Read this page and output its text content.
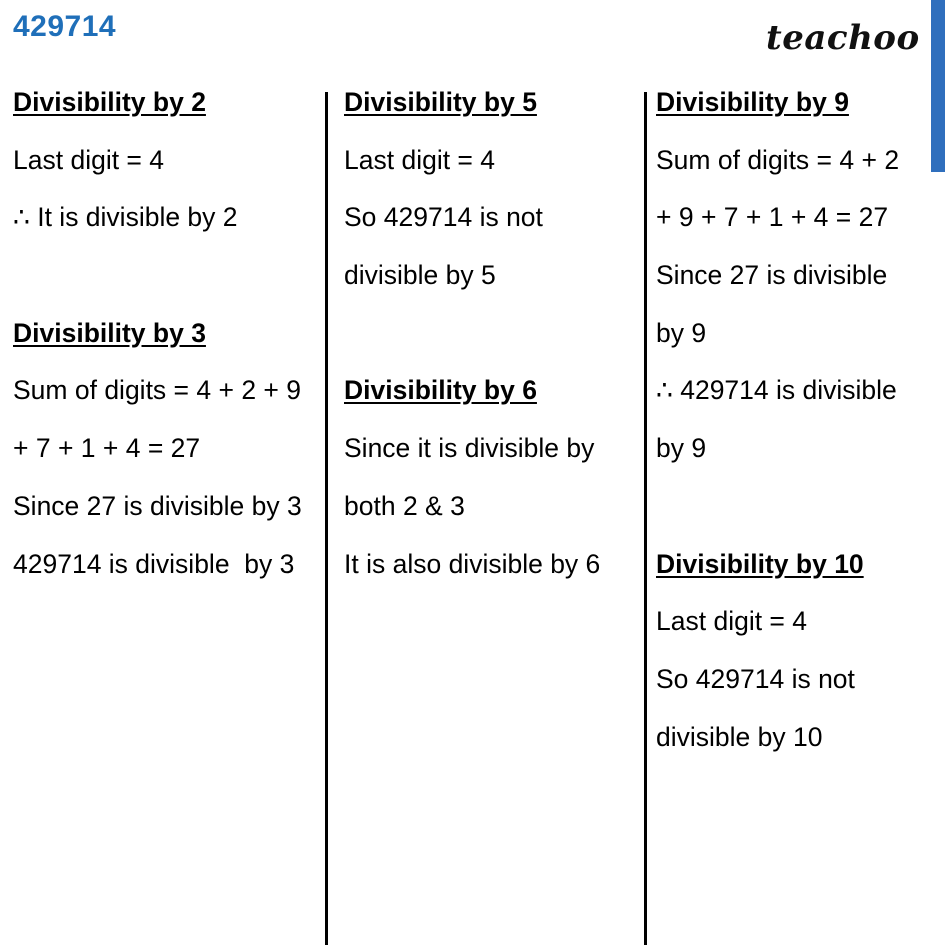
429714	teachoo
Divisibility by 2
Last digit = 4
∴ It is divisible by 2
Divisibility by 3
Sum of digits = 4 + 2 + 9
+ 7 + 1 + 4 = 27
Since 27 is divisible by 3
429714 is divisible  by 3
Divisibility by 5
Last digit = 4
So 429714 is not
divisible by 5
Divisibility by 6
Since it is divisible by
both 2 & 3
It is also divisible by 6
Divisibility by 9
Sum of digits = 4 + 2
+ 9 + 7 + 1 + 4 = 27
Since 27 is divisible
by 9
∴ 429714 is divisible
by 9
Divisibility by 10
Last digit = 4
So 429714 is not
divisible by 10
